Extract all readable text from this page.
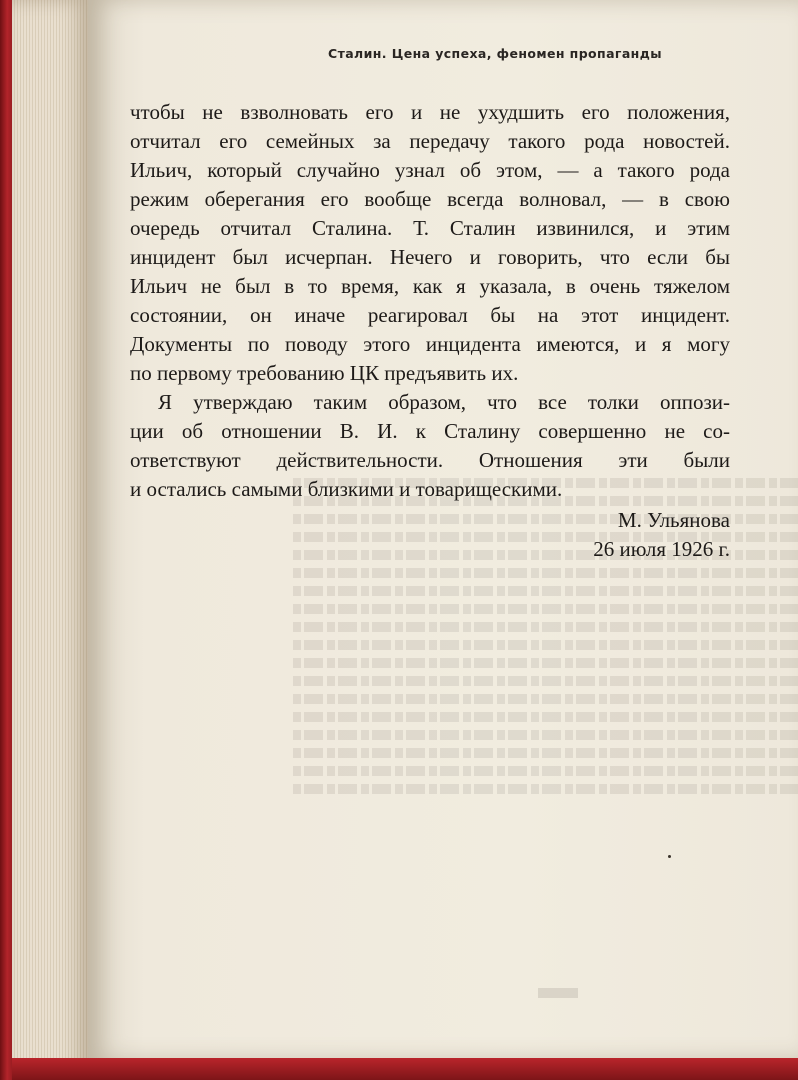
Сталин. Цена успеха, феномен пропаганды
чтобы не взволновать его и не ухудшить его положения,
отчитал его семейных за передачу такого рода новостей.
Ильич, который случайно узнал об этом, — а такого рода
режим оберегания его вообще всегда волновал, — в свою
очередь отчитал Сталина. Т. Сталин извинился, и этим
инцидент был исчерпан. Нечего и говорить, что если бы
Ильич не был в то время, как я указала, в очень тяжелом
состоянии, он иначе реагировал бы на этот инцидент.
Документы по поводу этого инцидента имеются, и я могу
по первому требованию ЦК предъявить их.
Я утверждаю таким образом, что все толки оппози-
ции об отношении В. И. к Сталину совершенно не со-
ответствуют действительности. Отношения эти были
и остались самыми близкими и товарищескими.
М. Ульянова
26 июля 1926 г.
